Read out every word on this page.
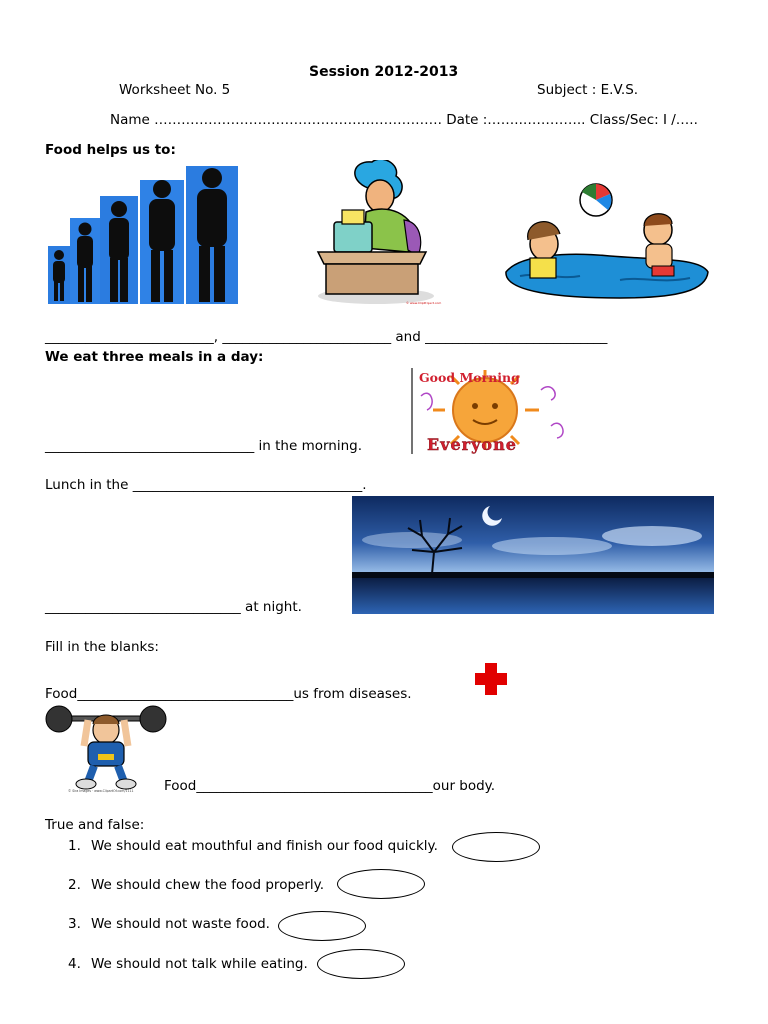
Session 2012-2013
Worksheet No. 5	Subject : E.V.S.
Name ………………………………………………………. Date :……..………….. Class/Sec: I /…..
Food helps us to:
© www.ClipProject.com
_________________________, _________________________ and ___________________________
We eat three meals in a day:
Good Morning
Everyone
_______________________________ in the morning.
Lunch in the __________________________________.
_____________________________ at night.
Fill in the blanks:
Food________________________________us from diseases.
© Sira Images · www.ClipartOf.com/1111 Food___________________________________our body.
True and false:
1. We should eat mouthful and finish our food quickly.
2. We should chew the food properly.
3. We should not waste food.
4. We should not talk while eating.
